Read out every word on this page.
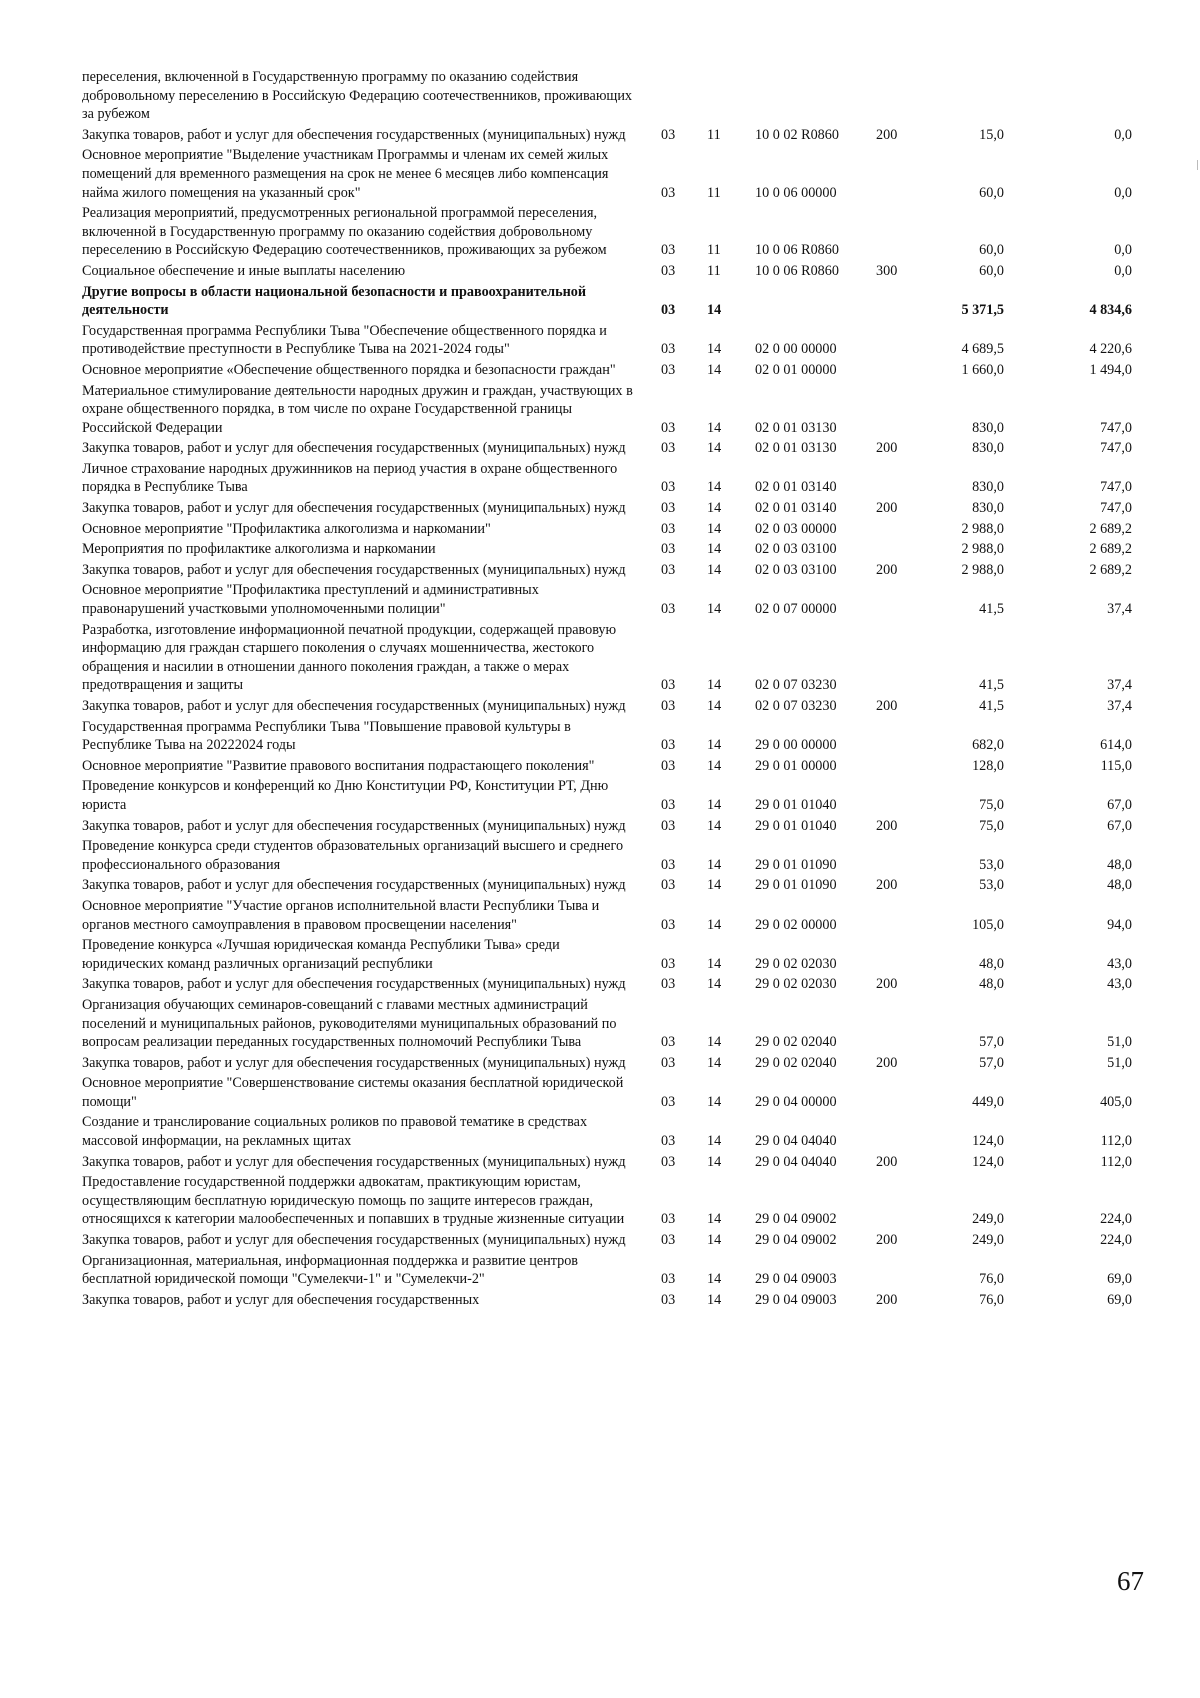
переселения, включенной в Государственную программу по оказанию содействия добровольному переселению в Российскую Федерацию соотечественников, проживающих за рубежом
Закупка товаров, работ и услуг для обеспечения государственных (муниципальных) нужд	03 11 10 0 02 R0860	200	15,0	0,0
Основное мероприятие "Выделение участникам Программы и членам их семей жилых помещений для временного размещения на срок не менее 6 месяцев либо компенсация найма жилого помещения на указанный срок"	03 11 10 0 06 00000	60,0	0,0
Реализация мероприятий, предусмотренных региональной программой переселения, включенной в Государственную программу по оказанию содействия добровольному переселению в Российскую Федерацию соотечественников, проживающих за рубежом	03 11 10 0 06 R0860	60,0	0,0
Социальное обеспечение и иные выплаты населению	03 11 10 0 06 R0860	300	60,0	0,0
Другие вопросы в области национальной безопасности и правоохранительной деятельности	03 14	5 371,5	4 834,6
Государственная программа Республики Тыва "Обеспечение общественного порядка и противодействие преступности в Республике Тыва на 2021-2024 годы"	03 14 02 0 00 00000	4 689,5	4 220,6
Основное мероприятие «Обеспечение общественного порядка и безопасности граждан"	03 14 02 0 01 00000	1 660,0	1 494,0
Материальное стимулирование деятельности народных дружин и граждан, участвующих в охране общественного порядка, в том числе по охране Государственной границы Российской Федерации	03 14 02 0 01 03130	830,0	747,0
Закупка товаров, работ и услуг для обеспечения государственных (муниципальных) нужд	03 14 02 0 01 03130	200	830,0	747,0
Личное страхование народных дружинников на период участия в охране общественного порядка в Республике Тыва	03 14 02 0 01 03140	830,0	747,0
Закупка товаров, работ и услуг для обеспечения государственных (муниципальных) нужд	03 14 02 0 01 03140	200	830,0	747,0
Основное мероприятие "Профилактика алкоголизма и наркомании"	03 14 02 0 03 00000	2 988,0	2 689,2
Мероприятия по профилактике алкоголизма и наркомании	03 14 02 0 03 03100	2 988,0	2 689,2
Закупка товаров, работ и услуг для обеспечения государственных (муниципальных) нужд	03 14 02 0 03 03100	200	2 988,0	2 689,2
Основное мероприятие "Профилактика преступлений и административных правонарушений участковыми уполномоченными полиции"	03 14 02 0 07 00000	41,5	37,4
Разработка, изготовление информационной печатной продукции, содержащей правовую информацию для граждан старшего поколения о случаях мошенничества, жестокого обращения и насилии в отношении данного поколения граждан, а также о мерах предотвращения и защиты	03 14 02 0 07 03230	41,5	37,4
Закупка товаров, работ и услуг для обеспечения государственных (муниципальных) нужд	03 14 02 0 07 03230	200	41,5	37,4
Государственная программа Республики Тыва "Повышение правовой культуры в Республике Тыва на 20222024 годы	03 14 29 0 00 00000	682,0	614,0
Основное мероприятие "Развитие правового воспитания подрастающего поколения"	03 14 29 0 01 00000	128,0	115,0
Проведение конкурсов и конференций ко Дню Конституции РФ, Конституции РТ, Дню юриста	03 14 29 0 01 01040	75,0	67,0
Закупка товаров, работ и услуг для обеспечения государственных (муниципальных) нужд	03 14 29 0 01 01040	200	75,0	67,0
Проведение конкурса среди студентов образовательных организаций высшего и среднего профессионального образования	03 14 29 0 01 01090	53,0	48,0
Закупка товаров, работ и услуг для обеспечения государственных (муниципальных) нужд	03 14 29 0 01 01090	200	53,0	48,0
Основное мероприятие "Участие органов исполнительной власти Республики Тыва и органов местного самоуправления в правовом просвещении населения"	03 14 29 0 02 00000	105,0	94,0
Проведение конкурса «Лучшая юридическая команда Республики Тыва» среди юридических команд различных организаций республики	03 14 29 0 02 02030	48,0	43,0
Закупка товаров, работ и услуг для обеспечения государственных (муниципальных) нужд	03 14 29 0 02 02030	200	48,0	43,0
Организация обучающих семинаров-совещаний с главами местных администраций поселений и муниципальных районов, руководителями муниципальных образований по вопросам реализации переданных государственных полномочий Республики Тыва	03 14 29 0 02 02040	57,0	51,0
Закупка товаров, работ и услуг для обеспечения государственных (муниципальных) нужд	03 14 29 0 02 02040	200	57,0	51,0
Основное мероприятие "Совершенствование системы оказания бесплатной юридической помощи"	03 14 29 0 04 00000	449,0	405,0
Создание и транслирование социальных роликов по правовой тематике в средствах массовой информации, на рекламных щитах	03 14 29 0 04 04040	124,0	112,0
Закупка товаров, работ и услуг для обеспечения государственных (муниципальных) нужд	03 14 29 0 04 04040	200	124,0	112,0
Предоставление государственной поддержки адвокатам, практикующим юристам, осуществляющим бесплатную юридическую помощь по защите интересов граждан, относящихся к категории малообеспеченных и попавших в трудные жизненные ситуации	03 14 29 0 04 09002	249,0	224,0
Закупка товаров, работ и услуг для обеспечения государственных (муниципальных) нужд	03 14 29 0 04 09002	200	249,0	224,0
Организационная, материальная, информационная поддержка и развитие центров бесплатной юридической помощи "Сумелекчи-1" и "Сумелекчи-2"	03 14 29 0 04 09003	76,0	69,0
Закупка товаров, работ и услуг для обеспечения государственных	03 14 29 0 04 09003	200	76,0	69,0
67
